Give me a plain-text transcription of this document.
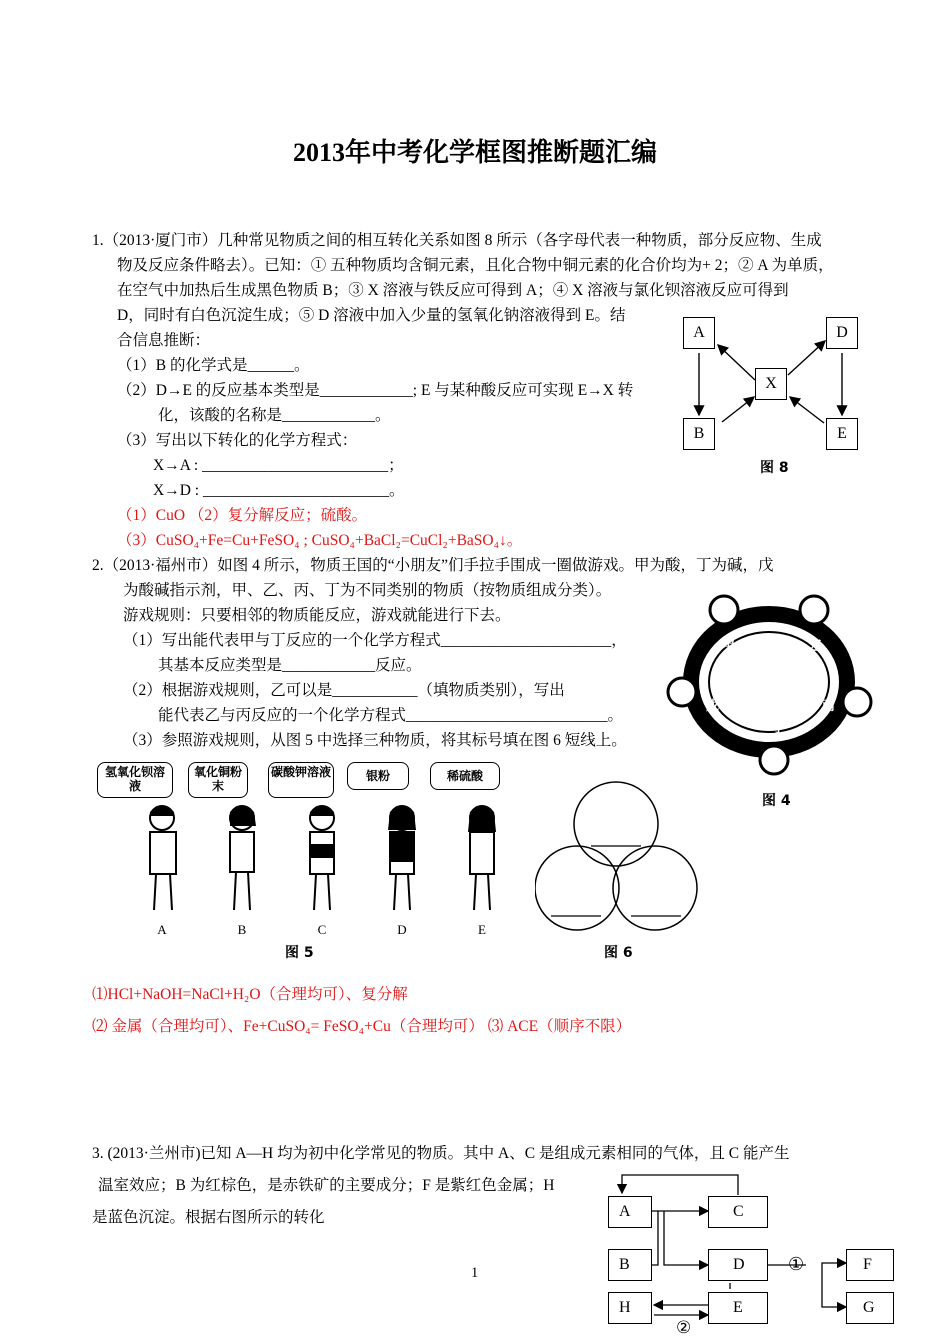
2013年中考化学框图推断题汇编
1.（2013·厦门市）几种常见物质之间的相互转化关系如图 8 所示（各字母代表一种物质，部分反应物、生成
物及反应条件略去）。已知：① 五种物质均含铜元素，且化合物中铜元素的化合价均为+ 2；② A 为单质，
在空气中加热后生成黑色物质 B；③ X 溶液与铁反应可得到 A；④ X 溶液与氯化钡溶液反应可得到
D，同时有白色沉淀生成；⑤ D 溶液中加入少量的氢氧化钠溶液得到 E。结
合信息推断：
（1）B 的化学式是______。
（2）D→E 的反应基本类型是____________; E 与某种酸反应可实现 E→X 转
化，该酸的名称是____________。
（3）写出以下转化的化学方程式：
X→A : ________________________；
X→D : ________________________。
（1）CuO （2）复分解反应；硫酸。
（3）CuSO₄+Fe=Cu+FeSO₄ ; CuSO₄+BaCl₂=CuCl₂+BaSO₄↓。
A	D
X
B	E
图 8
2.（2013·福州市）如图 4 所示，物质王国的“小朋友”们手拉手围成一圈做游戏。甲为酸，丁为碱，戊
为酸碱指示剂，甲、乙、丙、丁为不同类别的物质（按物质组成分类）。
游戏规则：只要相邻的物质能反应，游戏就能进行下去。
（1）写出能代表甲与丁反应的一个化学方程式______________________，
其基本反应类型是____________反应。
（2）根据游戏规则，乙可以是___________（填物质类别），写出
能代表乙与丙反应的一个化学方程式__________________________。
（3）参照游戏规则，从图 5 中选择三种物质，将其标号填在图 6 短线上。
甲	乙
丙
丁
戊
图 4
氢氧化钡溶液
氧化铜粉末
碳酸钾溶液	银粉	稀硫酸
A	B	C	D	E
图 5	图 6
⑴HCl+NaOH=NaCl+H₂O（合理均可）、复分解
⑵ 金属（合理均可）、Fe+CuSO₄= FeSO₄+Cu（合理均可） ⑶ ACE（顺序不限）
3. (2013·兰州市)已知 A—H 均为初中化学常见的物质。其中 A、C 是组成元素相同的气体，且 C 能产生
温室效应；B 为红棕色，是赤铁矿的主要成分；F 是紫红色金属；H
是蓝色沉淀。根据右图所示的转化	A	C
B	D	①	F
H	E	G
②
1
